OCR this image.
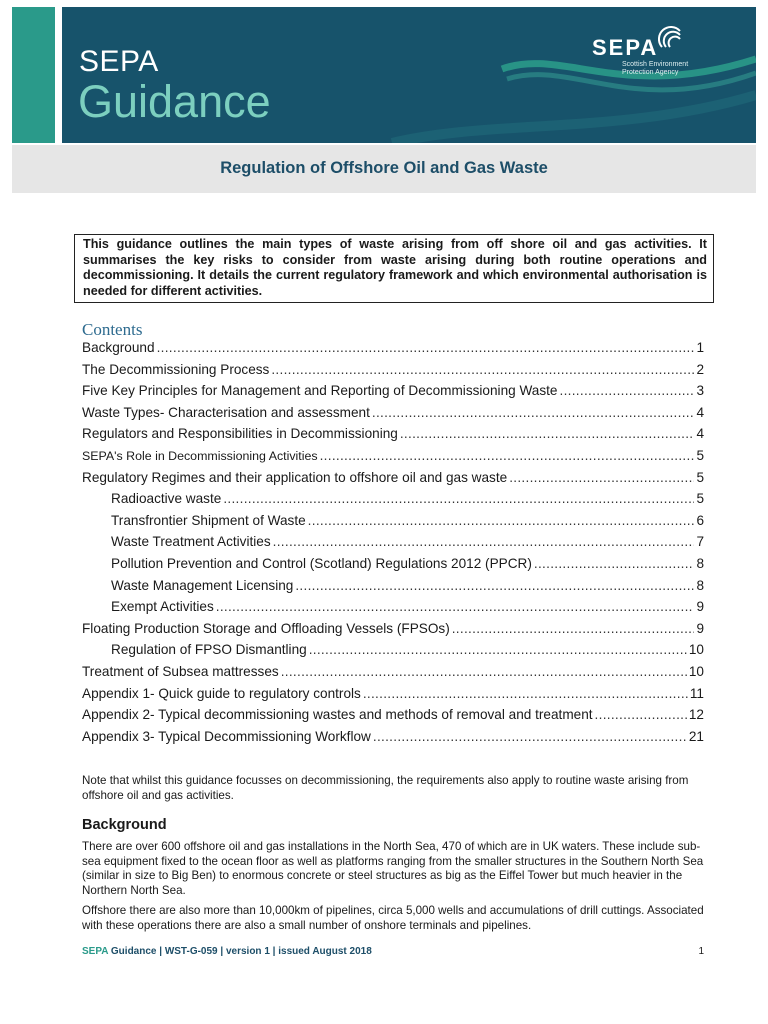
SEPA
Guidance
SEPA
Scottish Environment
Protection Agency
Regulation of Offshore Oil and Gas Waste
This guidance outlines the main types of waste arising from off shore oil and gas activities. It summarises the key risks to consider from waste arising during both routine operations and decommissioning. It details the current regulatory framework and which environmental authorisation is needed for different activities.
Contents
Background .....	1
The Decommissioning Process .....	2
Five Key Principles for Management and Reporting of Decommissioning Waste .....	3
Waste Types- Characterisation and assessment .....	4
Regulators and Responsibilities in Decommissioning .....	4
SEPA's Role in Decommissioning Activities .....	5
Regulatory Regimes and their application to offshore oil and gas waste .....	5
Radioactive waste .....	5
Transfrontier Shipment of Waste .....	6
Waste Treatment Activities .....	7
Pollution Prevention and Control (Scotland) Regulations 2012 (PPCR) .....	8
Waste Management Licensing .....	8
Exempt Activities .....	9
Floating Production Storage and Offloading Vessels (FPSOs) .....	9
Regulation of FPSO Dismantling .....	10
Treatment of Subsea mattresses .....	10
Appendix 1- Quick guide to regulatory controls .....	11
Appendix 2- Typical decommissioning wastes and methods of removal and treatment .....	12
Appendix 3- Typical Decommissioning Workflow .....	21
Note that whilst this guidance focusses on decommissioning, the requirements also apply to routine waste arising from offshore oil and gas activities.
Background
There are over 600 offshore oil and gas installations in the North Sea, 470 of which are in UK waters. These include sub-sea equipment fixed to the ocean floor as well as platforms ranging from the smaller structures in the Southern North Sea (similar in size to Big Ben) to enormous concrete or steel structures as big as the Eiffel Tower but much heavier in the Northern North Sea.
Offshore there are also more than 10,000km of pipelines, circa 5,000 wells and accumulations of drill cuttings. Associated with these operations there are also a small number of onshore terminals and pipelines.
SEPA Guidance | WST-G-059 | version 1 | issued August 2018	1
